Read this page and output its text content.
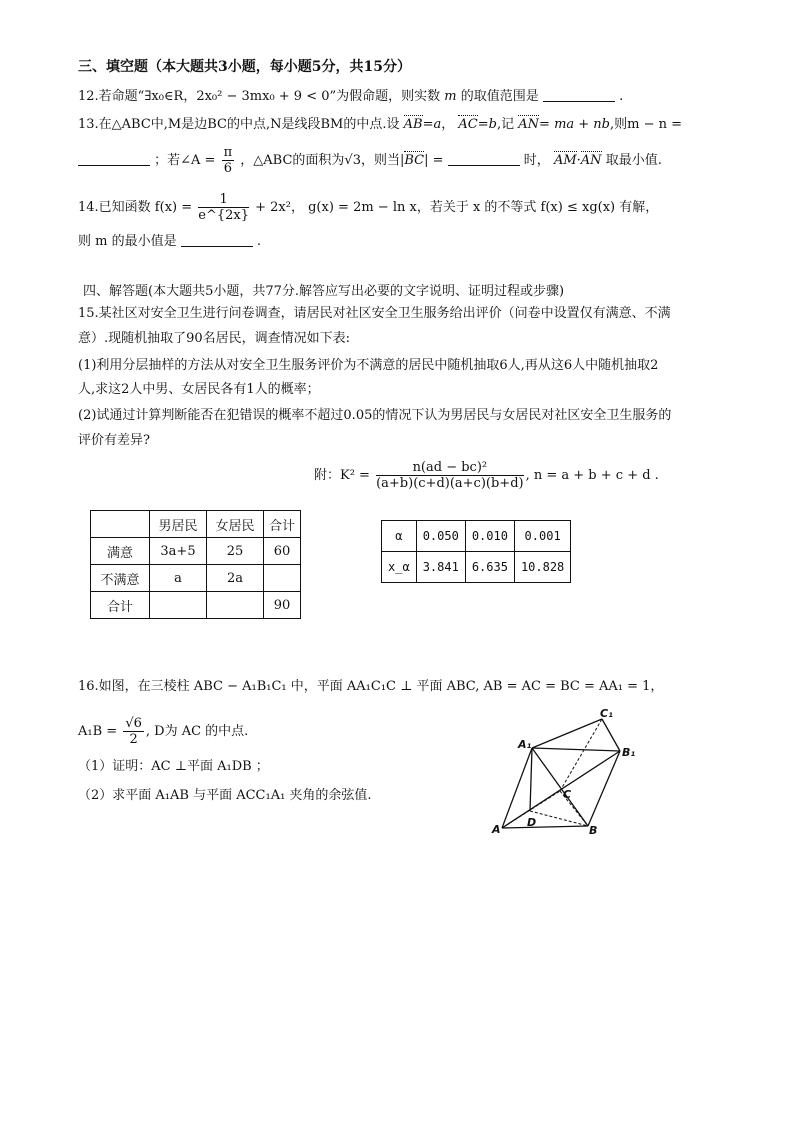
三、填空题（本大题共3小题，每小题5分，共15分）
12.若命题“∃x₀∈R，2x₀² − 3mx₀ + 9 < 0”为假命题，则实数 m 的取值范围是	.
13.在△ABC中,M是边BC的中点,N是线段BM的中点.设 AB=a， AC=b,记 AN= ma + nb,则m − n =
；若∠A = $\frac{\pi}{6}$ ，△ABC的面积为√3，则当|BC| =	时， AM·AN 取最小值.
14.已知函数 $f(x) = \frac{1}{e\^{}\{2x\}} + 2x^2$， g(x) = 2m − ln x，若关于 x 的不等式 f(x) ≤ xg(x) 有解，
则 m 的最小值是	.
四、解答题(本大题共5小题，共77分.解答应写出必要的文字说明、证明过程或步骤)
15.某社区对安全卫生进行问卷调查，请居民对社区安全卫生服务给出评价（问卷中设置仅有满意、不满
意）.现随机抽取了90名居民，调查情况如下表:
(1)利用分层抽样的方法从对安全卫生服务评价为不满意的居民中随机抽取6人,再从这6人中随机抽取2
人,求这2人中男、女居民各有1人的概率；
(2)试通过计算判断能否在犯错误的概率不超过0.05的情况下认为男居民与女居民对社区安全卫生服务的
评价有差异?
附：$K^2 = \frac{\text{n(ad − bc)²}}{(a+b)(c+d)(a+c)(b+d)}$ , n = a + b + c + d .
	男居民	女居民	合计
满意	3a+5	25	60
不满意	a	2a	
合计			90
α	0.050	0.010	0.001
x_α	3.841	6.635	10.828
16.如图，在三棱柱 ABC − A₁B₁C₁ 中，平面 AA₁C₁C ⊥ 平面 ABC, AB = AC = BC = AA₁ = 1，
$A_1B = \frac{√6}{2}$ , D为 AC 的中点.
（1）证明：AC ⊥平面 A₁DB ；
（2）求平面 A₁AB 与平面 ACC₁A₁ 夹角的余弦值.
A	B
C
D
A₁
B₁
C₁
